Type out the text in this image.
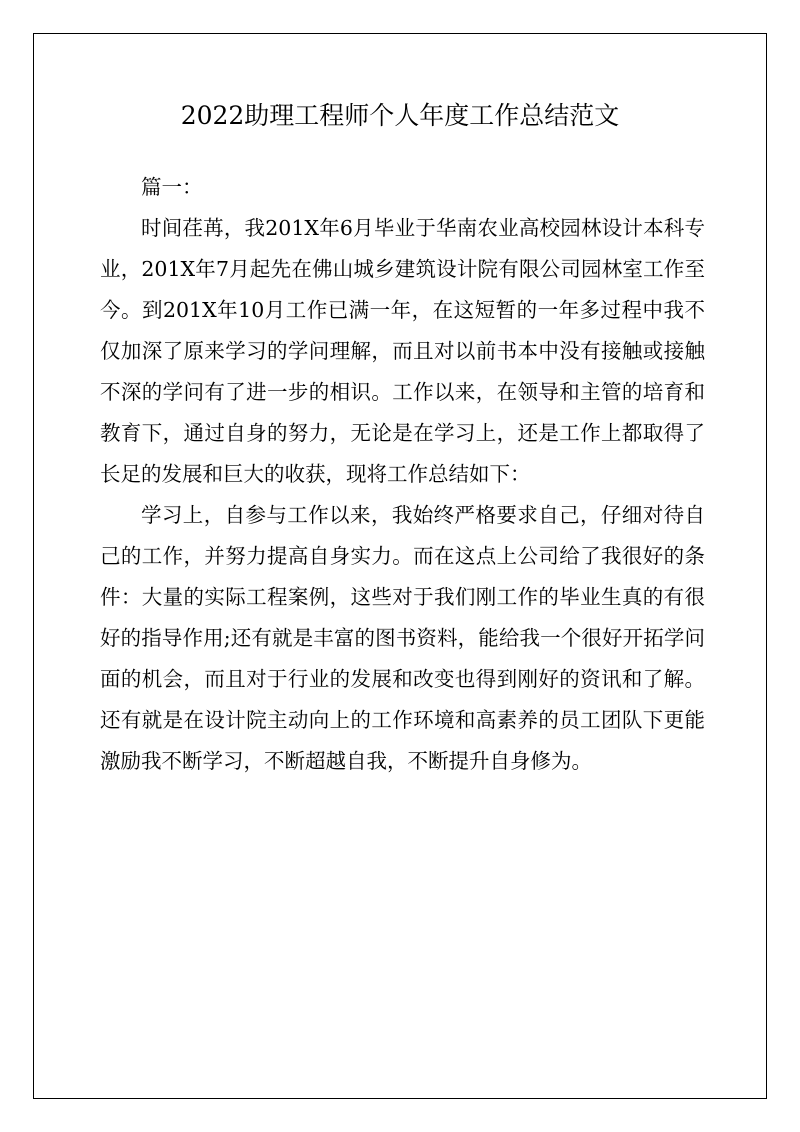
2022助理工程师个人年度工作总结范文

篇一：

时间荏苒，我201X年6月毕业于华南农业高校园林设计本科专业，201X年7月起先在佛山城乡建筑设计院有限公司园林室工作至今。到201X年10月工作已满一年，在这短暂的一年多过程中我不仅加深了原来学习的学问理解，而且对以前书本中没有接触或接触不深的学问有了进一步的相识。工作以来，在领导和主管的培育和教育下，通过自身的努力，无论是在学习上，还是工作上都取得了长足的发展和巨大的收获，现将工作总结如下：

学习上，自参与工作以来，我始终严格要求自己，仔细对待自己的工作，并努力提高自身实力。而在这点上公司给了我很好的条件：大量的实际工程案例，这些对于我们刚工作的毕业生真的有很好的指导作用;还有就是丰富的图书资料，能给我一个很好开拓学问面的机会，而且对于行业的发展和改变也得到刚好的资讯和了解。还有就是在设计院主动向上的工作环境和高素养的员工团队下更能激励我不断学习，不断超越自我，不断提升自身修为。
